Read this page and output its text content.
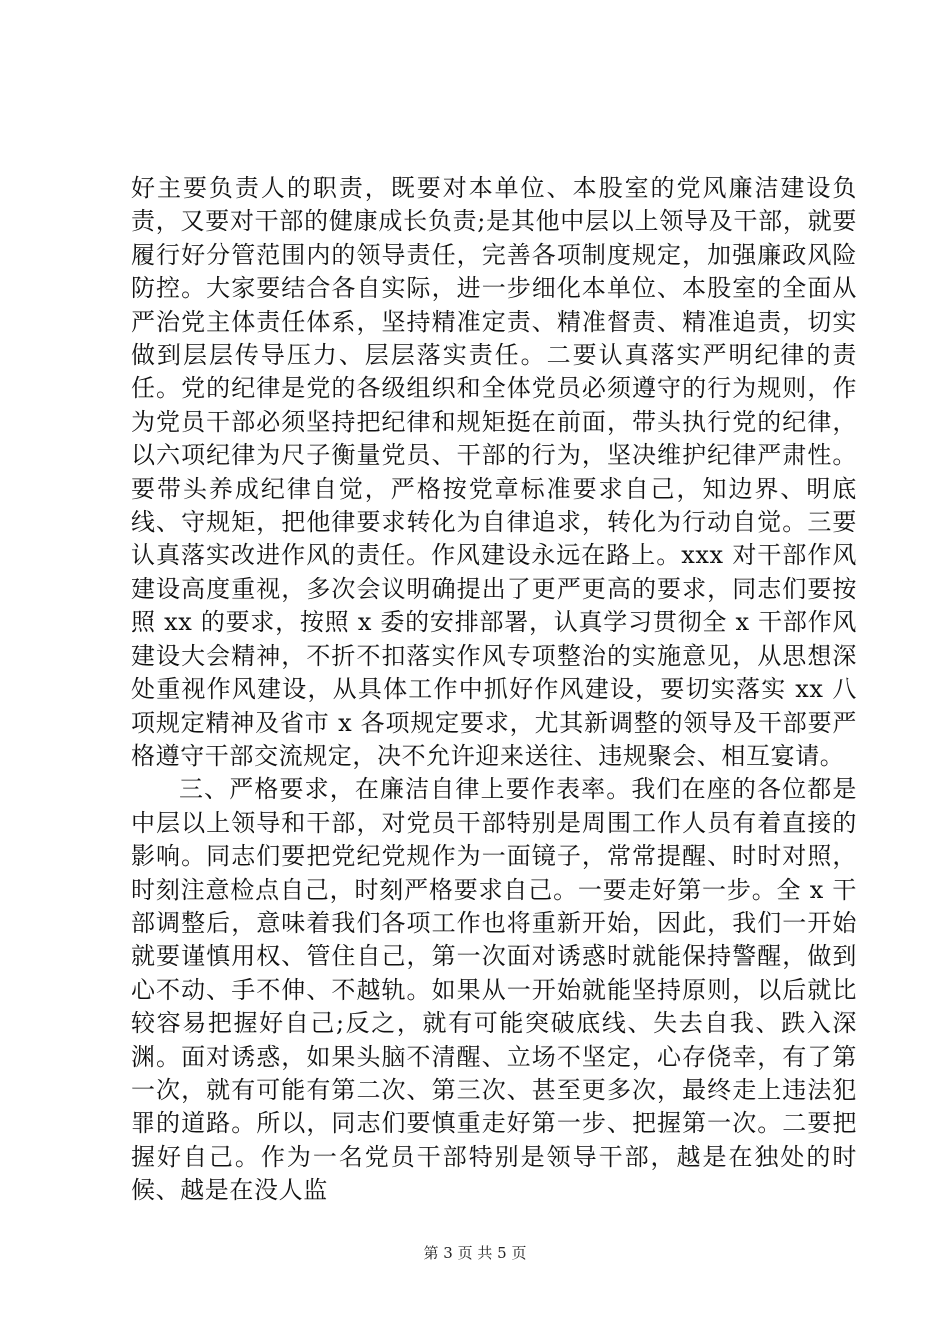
好主要负责人的职责，既要对本单位、本股室的党风廉洁建设负责，又要对干部的健康成长负责;是其他中层以上领导及干部，就要履行好分管范围内的领导责任，完善各项制度规定，加强廉政风险防控。大家要结合各自实际，进一步细化本单位、本股室的全面从严治党主体责任体系，坚持精准定责、精准督责、精准追责，切实做到层层传导压力、层层落实责任。二要认真落实严明纪律的责任。党的纪律是党的各级组织和全体党员必须遵守的行为规则，作为党员干部必须坚持把纪律和规矩挺在前面，带头执行党的纪律，以六项纪律为尺子衡量党员、干部的行为，坚决维护纪律严肃性。要带头养成纪律自觉，严格按党章标准要求自己，知边界、明底线、守规矩，把他律要求转化为自律追求，转化为行动自觉。三要认真落实改进作风的责任。作风建设永远在路上。xxx 对干部作风建设高度重视，多次会议明确提出了更严更高的要求，同志们要按照 xx 的要求，按照 x 委的安排部署，认真学习贯彻全 x 干部作风建设大会精神，不折不扣落实作风专项整治的实施意见，从思想深处重视作风建设，从具体工作中抓好作风建设，要切实落实 xx 八项规定精神及省市 x 各项规定要求，尤其新调整的领导及干部要严格遵守干部交流规定，决不允许迎来送往、违规聚会、相互宴请。

三、严格要求，在廉洁自律上要作表率。我们在座的各位都是中层以上领导和干部，对党员干部特别是周围工作人员有着直接的影响。同志们要把党纪党规作为一面镜子，常常提醒、时时对照，时刻注意检点自己，时刻严格要求自己。一要走好第一步。全 x 干部调整后，意味着我们各项工作也将重新开始，因此，我们一开始就要谨慎用权、管住自己，第一次面对诱惑时就能保持警醒，做到心不动、手不伸、不越轨。如果从一开始就能坚持原则，以后就比较容易把握好自己;反之，就有可能突破底线、失去自我、跌入深渊。面对诱惑，如果头脑不清醒、立场不坚定，心存侥幸，有了第一次，就有可能有第二次、第三次、甚至更多次，最终走上违法犯罪的道路。所以，同志们要慎重走好第一步、把握第一次。二要把握好自己。作为一名党员干部特别是领导干部，越是在独处的时候、越是在没人监

第 3 页 共 5 页
